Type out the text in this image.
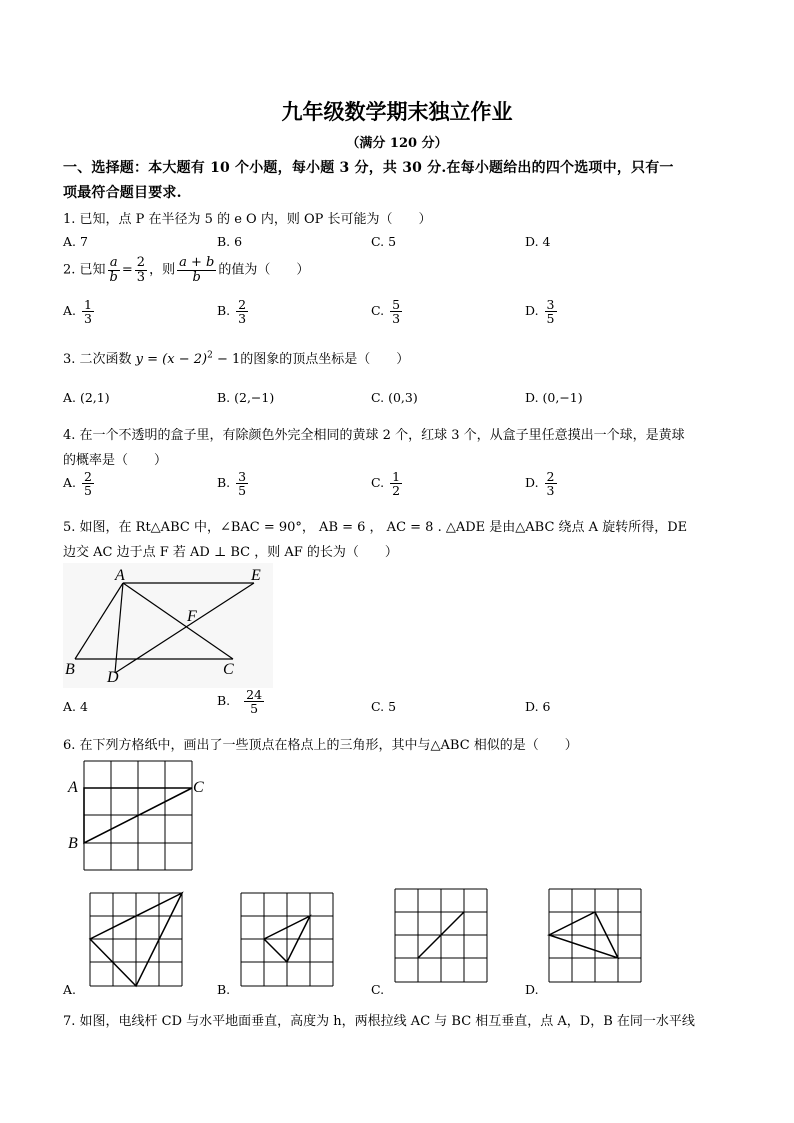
九年级数学期末独立作业
（满分 120 分）
一、选择题：本大题有 10 个小题，每小题 3 分，共 30 分.在每小题给出的四个选项中，只有一
项最符合题目要求.
1. 已知，点 P 在半径为 5 的 e O 内，则 OP 长可能为（　　）
A. 7	B. 6	C. 5	D. 4
2. 已知 $\frac{a}{b} = \frac{2}{3}$ ，则 $\frac{a + b}{b}$ 的值为（　　）
A. $\frac{1}{3}$	B. $\frac{2}{3}$	C. $\frac{5}{3}$	D. $\frac{3}{5}$
3. 二次函数 $y = (x - 2)^2 - 1$的图象的顶点坐标是（　　）
A. (2,1)	B. (2,−1)	C. (0,3)	D. (0,−1)
4. 在一个不透明的盒子里，有除颜色外完全相同的黄球 2 个，红球 3 个，从盒子里任意摸出一个球，是黄球
的概率是（　　）
A. $\frac{2}{5}$	B. $\frac{3}{5}$	C. $\frac{1}{2}$	D. $\frac{2}{3}$
5. 如图，在 Rt△ABC 中，∠BAC = 90°， AB = 6 ， AC = 8 . △ADE 是由△ABC 绕点 A 旋转所得，DE
边交 AC 边于点 F 若 AD ⊥ BC ，则 AF 的长为（　　）
A	E
F
B D	C
A. 4	B. $\frac{24}{5}$	C. 5	D. 6
6. 在下列方格纸中，画出了一些顶点在格点上的三角形，其中与△ABC 相似的是（　　）
A	C
B
A.	B.	C.	D.
7. 如图，电线杆 CD 与水平地面垂直，高度为 h，两根拉线 AC 与 BC 相互垂直，点 A，D，B 在同一水平线
